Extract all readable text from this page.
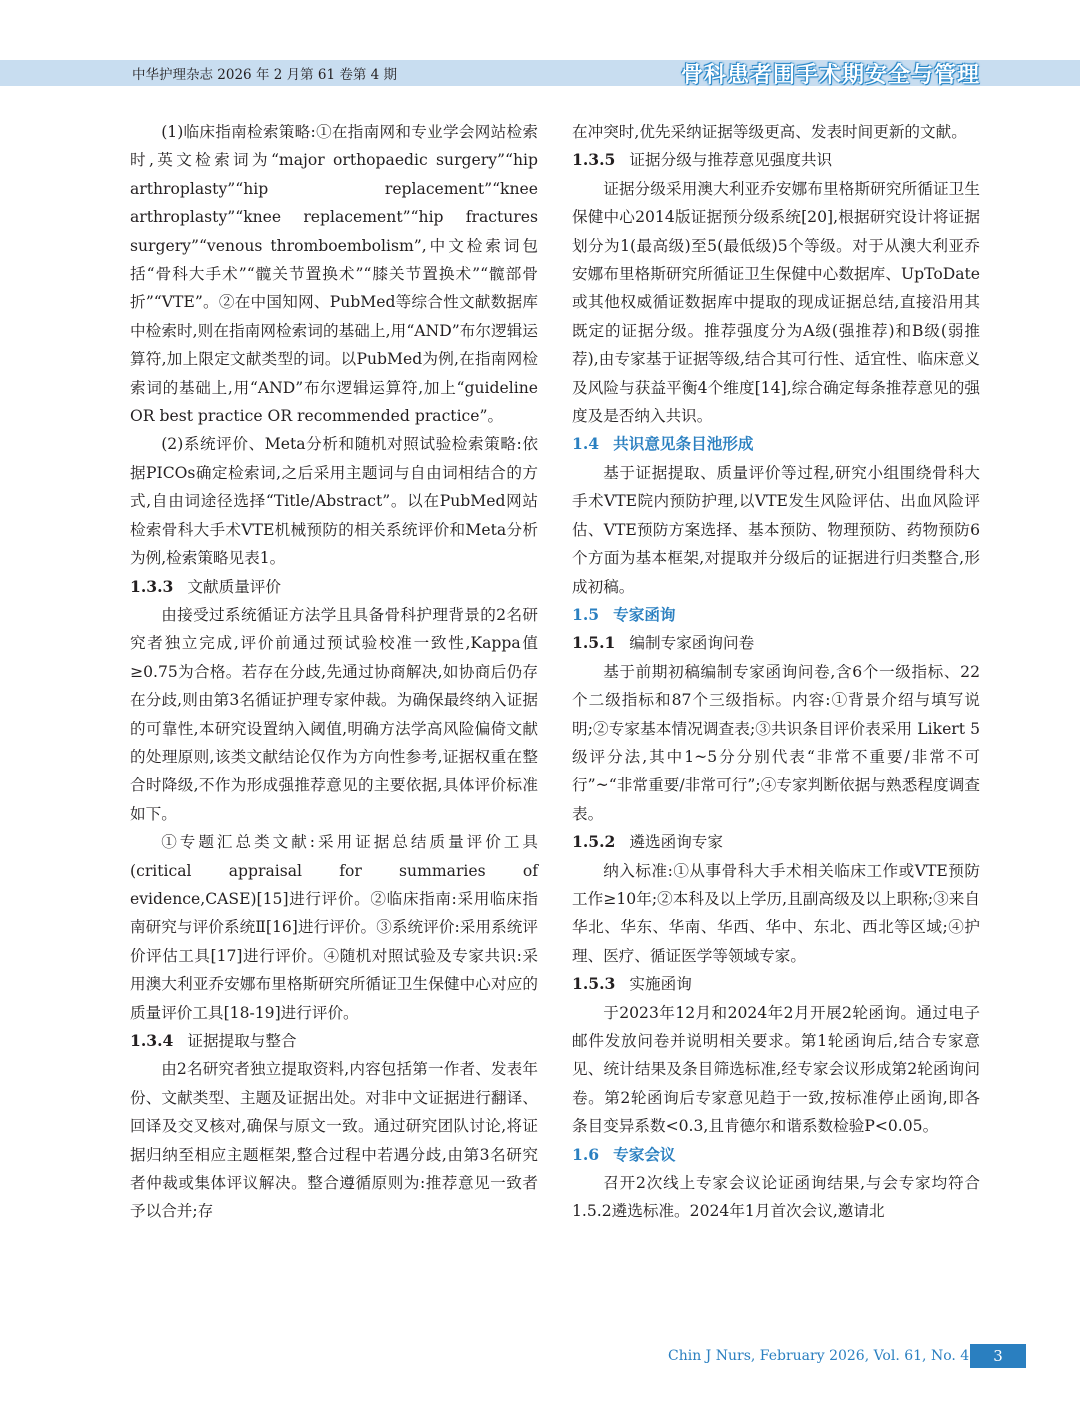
中华护理杂志 2026 年 2 月第 61 卷第 4 期	骨科患者围手术期安全与管理

(1)临床指南检索策略:①在指南网和专业学会网站检索时,英文检索词为“major orthopaedic surgery”“hip arthroplasty”“hip replacement”“knee arthroplasty”“knee replacement”“hip fractures surgery”“venous thromboembolism”,中文检索词包括“骨科大手术”“髋关节置换术”“膝关节置换术”“髋部骨折”“VTE”。②在中国知网、PubMed等综合性文献数据库中检索时,则在指南网检索词的基础上,用“AND”布尔逻辑运算符,加上限定文献类型的词。以PubMed为例,在指南网检索词的基础上,用“AND”布尔逻辑运算符,加上“guideline OR best practice OR recommended practice”。

(2)系统评价、Meta分析和随机对照试验检索策略:依据PICOs确定检索词,之后采用主题词与自由词相结合的方式,自由词途径选择“Title/Abstract”。以在PubMed网站检索骨科大手术VTE机械预防的相关系统评价和Meta分析为例,检索策略见表1。

1.3.3 文献质量评价

由接受过系统循证方法学且具备骨科护理背景的2名研究者独立完成,评价前通过预试验校准一致性,Kappa值≥0.75为合格。若存在分歧,先通过协商解决,如协商后仍存在分歧,则由第3名循证护理专家仲裁。为确保最终纳入证据的可靠性,本研究设置纳入阈值,明确方法学高风险偏倚文献的处理原则,该类文献结论仅作为方向性参考,证据权重在整合时降级,不作为形成强推荐意见的主要依据,具体评价标准如下。

①专题汇总类文献:采用证据总结质量评价工具(critical appraisal for summaries of evidence,CASE)[15]进行评价。②临床指南:采用临床指南研究与评价系统Ⅱ[16]进行评价。③系统评价:采用系统评价评估工具[17]进行评价。④随机对照试验及专家共识:采用澳大利亚乔安娜布里格斯研究所循证卫生保健中心对应的质量评价工具[18-19]进行评价。

1.3.4 证据提取与整合

由2名研究者独立提取资料,内容包括第一作者、发表年份、文献类型、主题及证据出处。对非中文证据进行翻译、回译及交叉核对,确保与原文一致。通过研究团队讨论,将证据归纳至相应主题框架,整合过程中若遇分歧,由第3名研究者仲裁或集体评议解决。整合遵循原则为:推荐意见一致者予以合并;存

在冲突时,优先采纳证据等级更高、发表时间更新的文献。

1.3.5 证据分级与推荐意见强度共识

证据分级采用澳大利亚乔安娜布里格斯研究所循证卫生保健中心2014版证据预分级系统[20],根据研究设计将证据划分为1(最高级)至5(最低级)5个等级。对于从澳大利亚乔安娜布里格斯研究所循证卫生保健中心数据库、UpToDate或其他权威循证数据库中提取的现成证据总结,直接沿用其既定的证据分级。推荐强度分为A级(强推荐)和B级(弱推荐),由专家基于证据等级,结合其可行性、适宜性、临床意义及风险与获益平衡4个维度[14],综合确定每条推荐意见的强度及是否纳入共识。

1.4 共识意见条目池形成

基于证据提取、质量评价等过程,研究小组围绕骨科大手术VTE院内预防护理,以VTE发生风险评估、出血风险评估、VTE预防方案选择、基本预防、物理预防、药物预防6个方面为基本框架,对提取并分级后的证据进行归类整合,形成初稿。

1.5 专家函询

1.5.1 编制专家函询问卷

基于前期初稿编制专家函询问卷,含6个一级指标、22个二级指标和87个三级指标。内容:①背景介绍与填写说明;②专家基本情况调查表;③共识条目评价表采用 Likert 5 级评分法,其中1~5分分别代表“非常不重要/非常不可行”~“非常重要/非常可行”;④专家判断依据与熟悉程度调查表。

1.5.2 遴选函询专家

纳入标准:①从事骨科大手术相关临床工作或VTE预防工作≥10年;②本科及以上学历,且副高级及以上职称;③来自华北、华东、华南、华西、华中、东北、西北等区域;④护理、医疗、循证医学等领域专家。

1.5.3 实施函询

于2023年12月和2024年2月开展2轮函询。通过电子邮件发放问卷并说明相关要求。第1轮函询后,结合专家意见、统计结果及条目筛选标准,经专家会议形成第2轮函询问卷。第2轮函询后专家意见趋于一致,按标准停止函询,即各条目变异系数<0.3,且肯德尔和谐系数检验P<0.05。

1.6 专家会议

召开2次线上专家会议论证函询结果,与会专家均符合1.5.2遴选标准。2024年1月首次会议,邀请北

Chin J Nurs, February 2026, Vol. 61, No. 4	3
